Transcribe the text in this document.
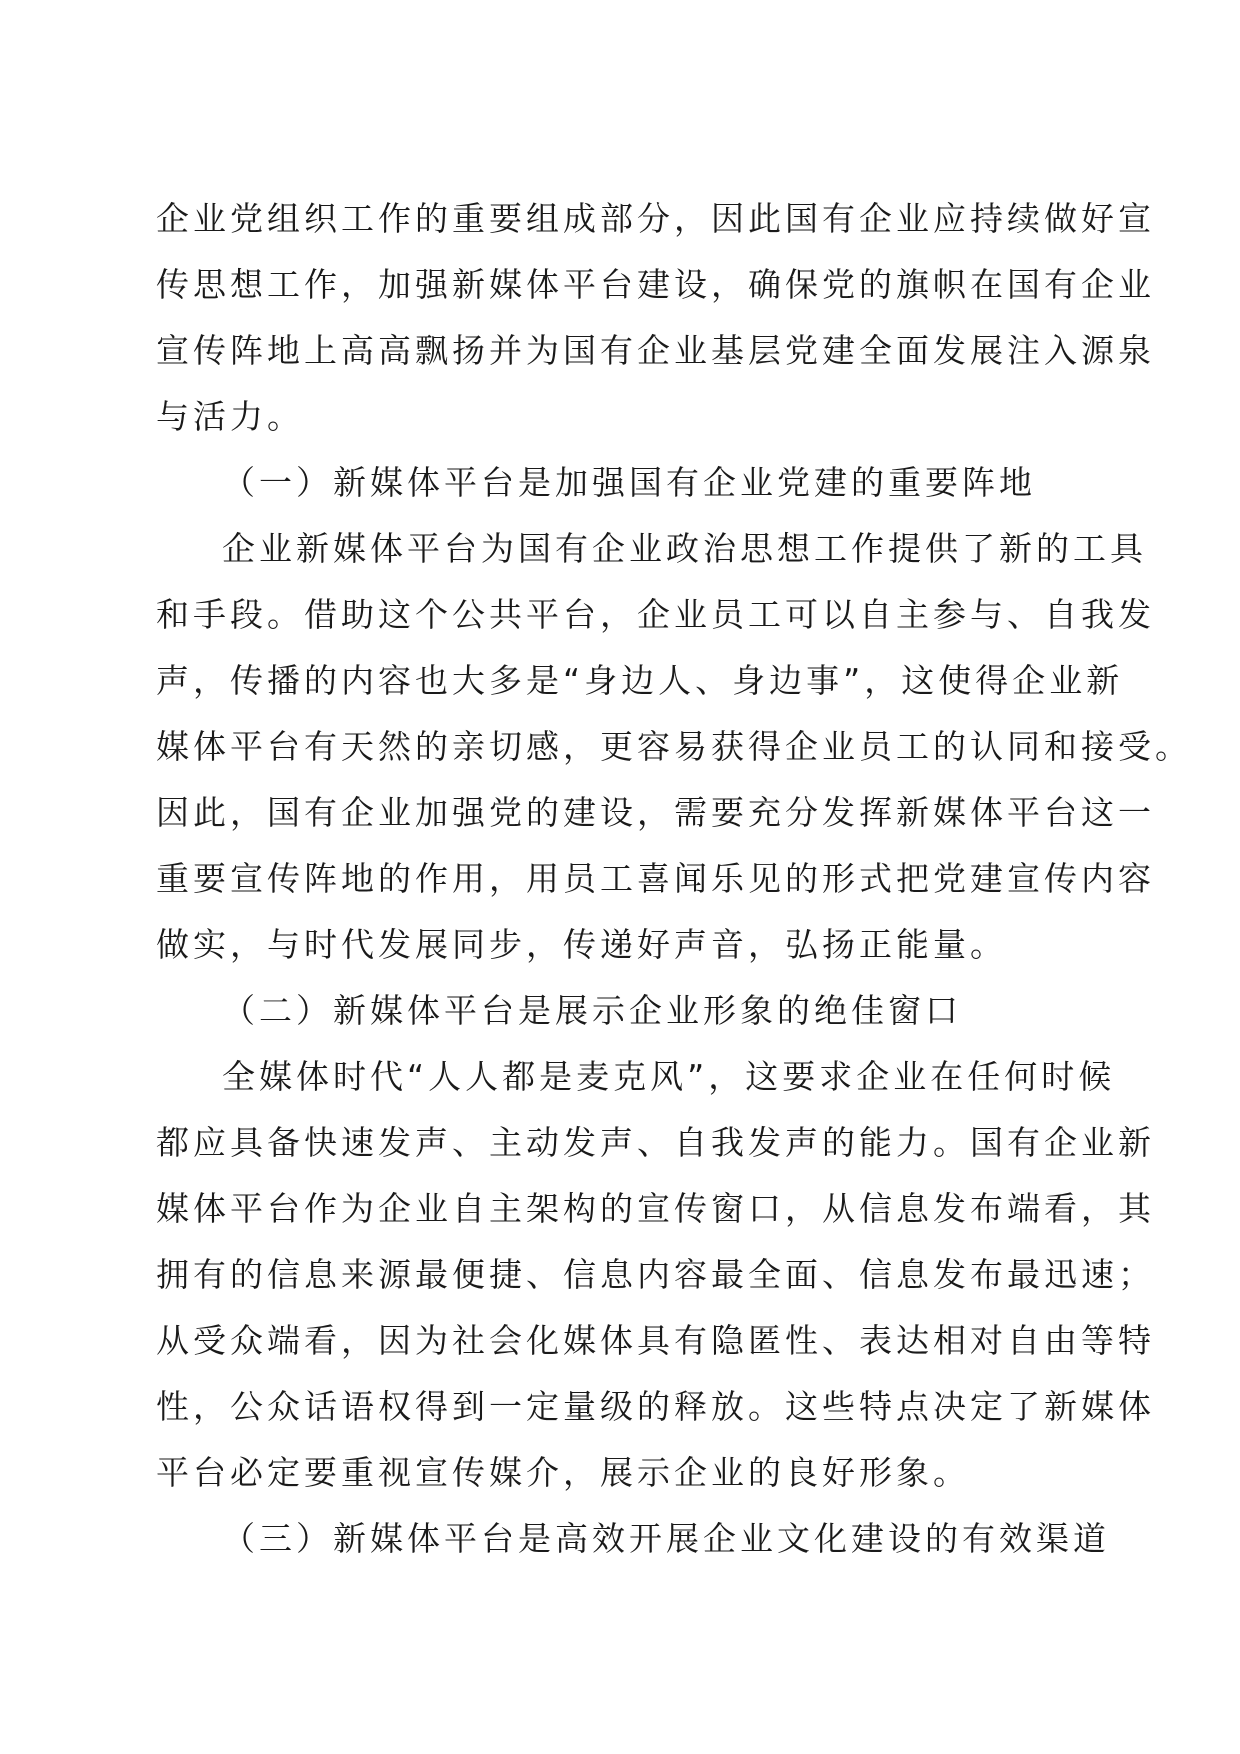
企业党组织工作的重要组成部分，因此国有企业应持续做好宣

传思想工作，加强新媒体平台建设，确保党的旗帜在国有企业

宣传阵地上高高飘扬并为国有企业基层党建全面发展注入源泉

与活力。

（一）新媒体平台是加强国有企业党建的重要阵地

企业新媒体平台为国有企业政治思想工作提供了新的工具

和手段。借助这个公共平台，企业员工可以自主参与、自我发

声，传播的内容也大多是“身边人、身边事”，这使得企业新

媒体平台有天然的亲切感，更容易获得企业员工的认同和接受。

因此，国有企业加强党的建设，需要充分发挥新媒体平台这一

重要宣传阵地的作用，用员工喜闻乐见的形式把党建宣传内容

做实，与时代发展同步，传递好声音，弘扬正能量。

（二）新媒体平台是展示企业形象的绝佳窗口

全媒体时代“人人都是麦克风”，这要求企业在任何时候

都应具备快速发声、主动发声、自我发声的能力。国有企业新

媒体平台作为企业自主架构的宣传窗口，从信息发布端看，其

拥有的信息来源最便捷、信息内容最全面、信息发布最迅速；

从受众端看，因为社会化媒体具有隐匿性、表达相对自由等特

性，公众话语权得到一定量级的释放。这些特点决定了新媒体

平台必定要重视宣传媒介，展示企业的良好形象。

（三）新媒体平台是高效开展企业文化建设的有效渠道
